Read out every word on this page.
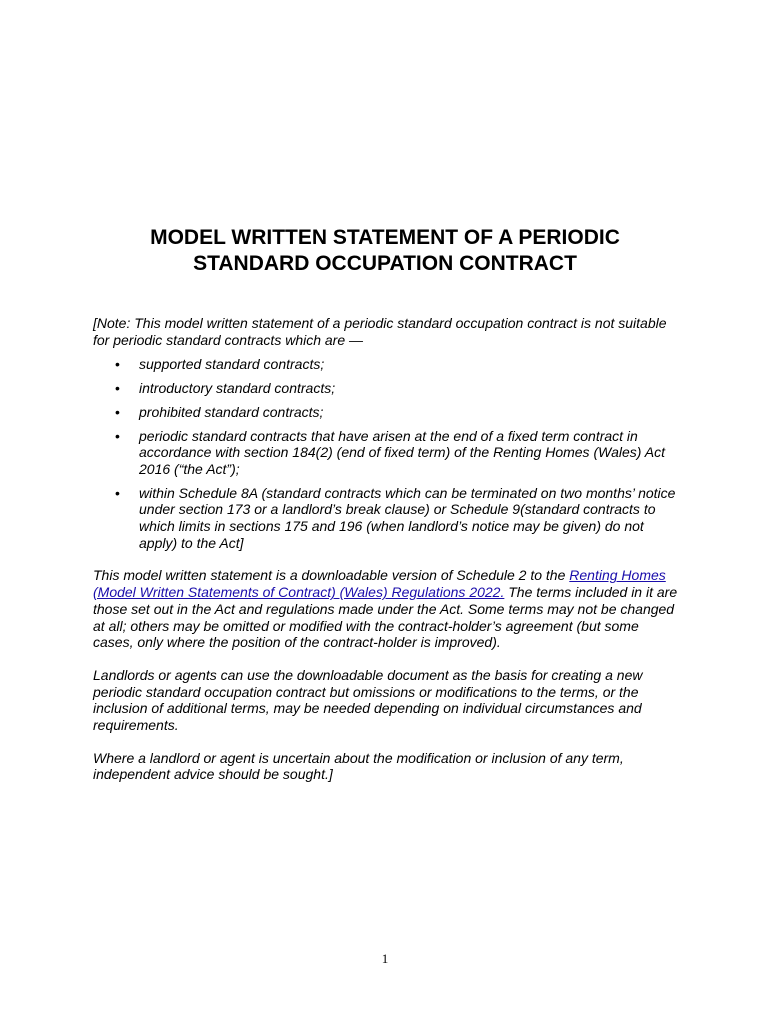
MODEL WRITTEN STATEMENT OF A PERIODIC
STANDARD OCCUPATION CONTRACT

[Note: This model written statement of a periodic standard occupation contract is not suitable for periodic standard contracts which are —

• supported standard contracts;
• introductory standard contracts;
• prohibited standard contracts;
• periodic standard contracts that have arisen at the end of a fixed term contract in accordance with section 184(2) (end of fixed term) of the Renting Homes (Wales) Act 2016 (“the Act”);
• within Schedule 8A (standard contracts which can be terminated on two months’ notice under section 173 or a landlord’s break clause) or Schedule 9(standard contracts to which limits in sections 175 and 196 (when landlord’s notice may be given) do not apply) to the Act]

This model written statement is a downloadable version of Schedule 2 to the Renting Homes (Model Written Statements of Contract) (Wales) Regulations 2022. The terms included in it are those set out in the Act and regulations made under the Act. Some terms may not be changed at all; others may be omitted or modified with the contract-holder’s agreement (but some cases, only where the position of the contract-holder is improved).

Landlords or agents can use the downloadable document as the basis for creating a new periodic standard occupation contract but omissions or modifications to the terms, or the inclusion of additional terms, may be needed depending on individual circumstances and requirements.

Where a landlord or agent is uncertain about the modification or inclusion of any term, independent advice should be sought.]

1
